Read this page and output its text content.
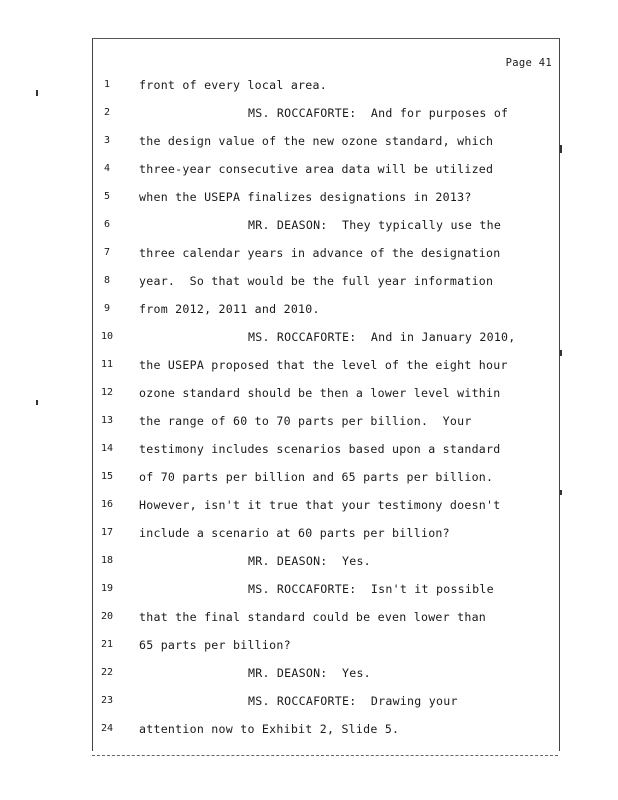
Page 41
1	front of every local area.
2	MS. ROCCAFORTE:  And for purposes of
3	the design value of the new ozone standard, which
4	three-year consecutive area data will be utilized
5	when the USEPA finalizes designations in 2013?
6	MR. DEASON:  They typically use the
7	three calendar years in advance of the designation
8	year.  So that would be the full year information
9	from 2012, 2011 and 2010.
10	MS. ROCCAFORTE:  And in January 2010,
11	the USEPA proposed that the level of the eight hour
12	ozone standard should be then a lower level within
13	the range of 60 to 70 parts per billion.  Your
14	testimony includes scenarios based upon a standard
15	of 70 parts per billion and 65 parts per billion.
16	However, isn't it true that your testimony doesn't
17	include a scenario at 60 parts per billion?
18	MR. DEASON:  Yes.
19	MS. ROCCAFORTE:  Isn't it possible
20	that the final standard could be even lower than
21	65 parts per billion?
22	MR. DEASON:  Yes.
23	MS. ROCCAFORTE:  Drawing your
24	attention now to Exhibit 2, Slide 5.
